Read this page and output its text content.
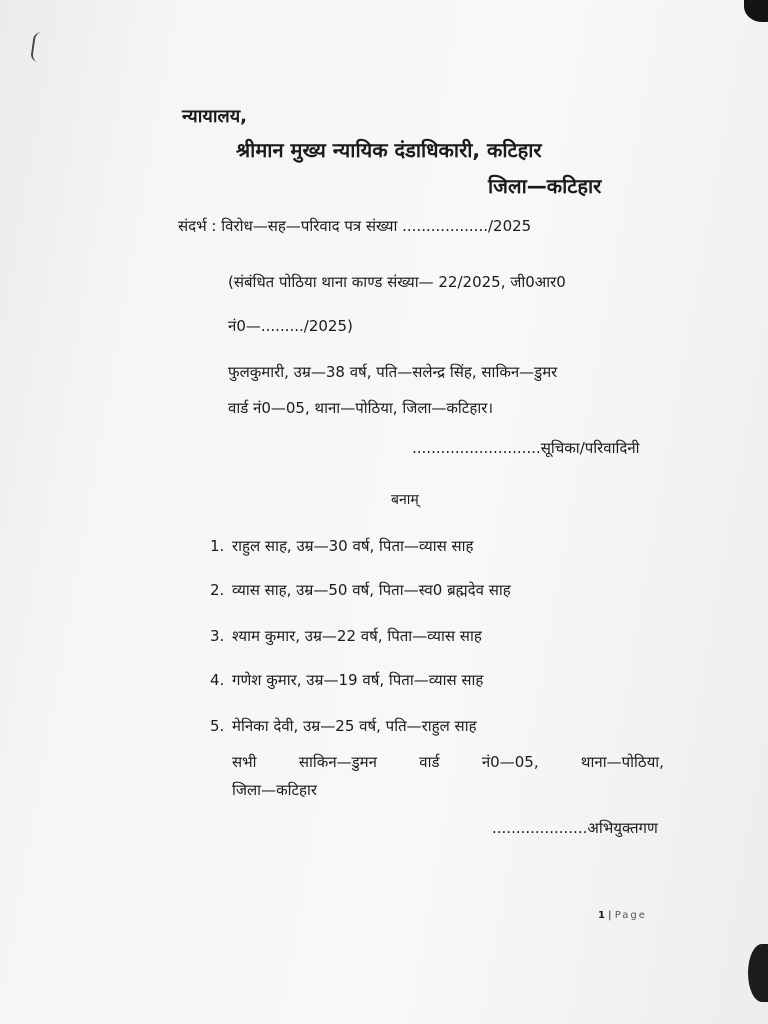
न्यायालय,
श्रीमान मुख्य न्यायिक दंडाधिकारी, कटिहार
जिला—कटिहार
संदर्भ : विरोध—सह—परिवाद पत्र संख्या ................../2025
(संबंधित पोठिया थाना काण्ड संख्या— 22/2025, जी0आर0
नं0—........./2025)
फुलकुमारी, उम्र—38 वर्ष, पति—सलेन्द्र सिंह, साकिन—डुमर
वार्ड नं0—05, थाना—पोठिया, जिला—कटिहार।
...........................सूचिका/परिवादिनी
बनाम्
1. राहुल साह, उम्र—30 वर्ष, पिता—व्यास साह
2. व्यास साह, उम्र—50 वर्ष, पिता—स्व0 ब्रह्मदेव साह
3. श्याम कुमार, उम्र—22 वर्ष, पिता—व्यास साह
4. गणेश कुमार, उम्र—19 वर्ष, पिता—व्यास साह
5. मेनिका देवी, उम्र—25 वर्ष, पति—राहुल साह
सभी	साकिन—डुमन	वार्ड	नं0—05,	थाना—पोठिया,
जिला—कटिहार
....................अभियुक्तगण
1 | Page
